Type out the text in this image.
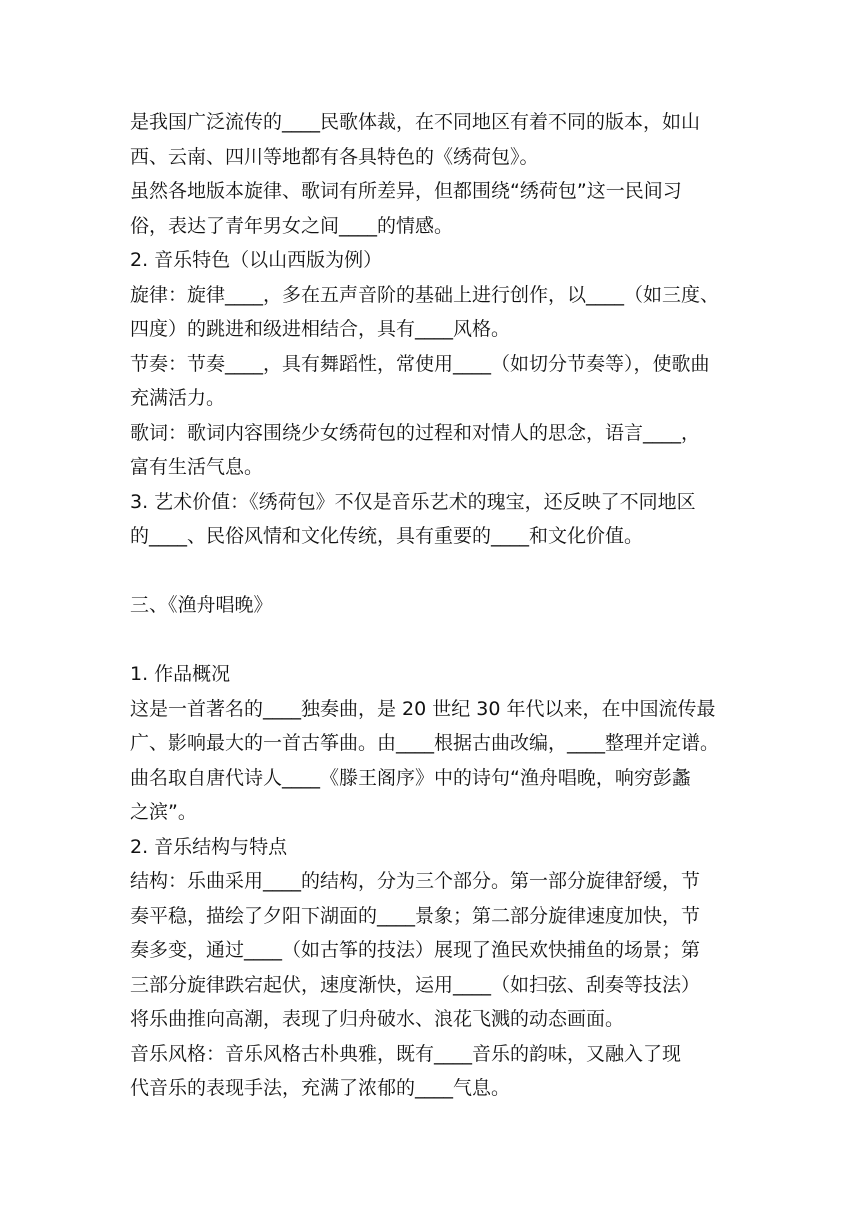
是我国广泛流传的____民歌体裁，在不同地区有着不同的版本，如山
西、云南、四川等地都有各具特色的《绣荷包》。
虽然各地版本旋律、歌词有所差异，但都围绕“绣荷包”这一民间习
俗，表达了青年男女之间____的情感。
2. 音乐特色（以山西版为例）
旋律：旋律____，多在五声音阶的基础上进行创作，以____（如三度、
四度）的跳进和级进相结合，具有____风格。
节奏：节奏____，具有舞蹈性，常使用____（如切分节奏等），使歌曲
充满活力。
歌词：歌词内容围绕少女绣荷包的过程和对情人的思念，语言____，
富有生活气息。
3. 艺术价值：《绣荷包》不仅是音乐艺术的瑰宝，还反映了不同地区
的____、民俗风情和文化传统，具有重要的____和文化价值。
三、《渔舟唱晚》
1. 作品概况
这是一首著名的____独奏曲，是 20 世纪 30 年代以来，在中国流传最
广、影响最大的一首古筝曲。由____根据古曲改编，____整理并定谱。
曲名取自唐代诗人____《滕王阁序》中的诗句“渔舟唱晚，响穷彭蠡
之滨”。
2. 音乐结构与特点
结构：乐曲采用____的结构，分为三个部分。第一部分旋律舒缓，节
奏平稳，描绘了夕阳下湖面的____景象；第二部分旋律速度加快，节
奏多变，通过____（如古筝的技法）展现了渔民欢快捕鱼的场景；第
三部分旋律跌宕起伏，速度渐快，运用____（如扫弦、刮奏等技法）
将乐曲推向高潮，表现了归舟破水、浪花飞溅的动态画面。
音乐风格：音乐风格古朴典雅，既有____音乐的韵味，又融入了现
代音乐的表现手法，充满了浓郁的____气息。
